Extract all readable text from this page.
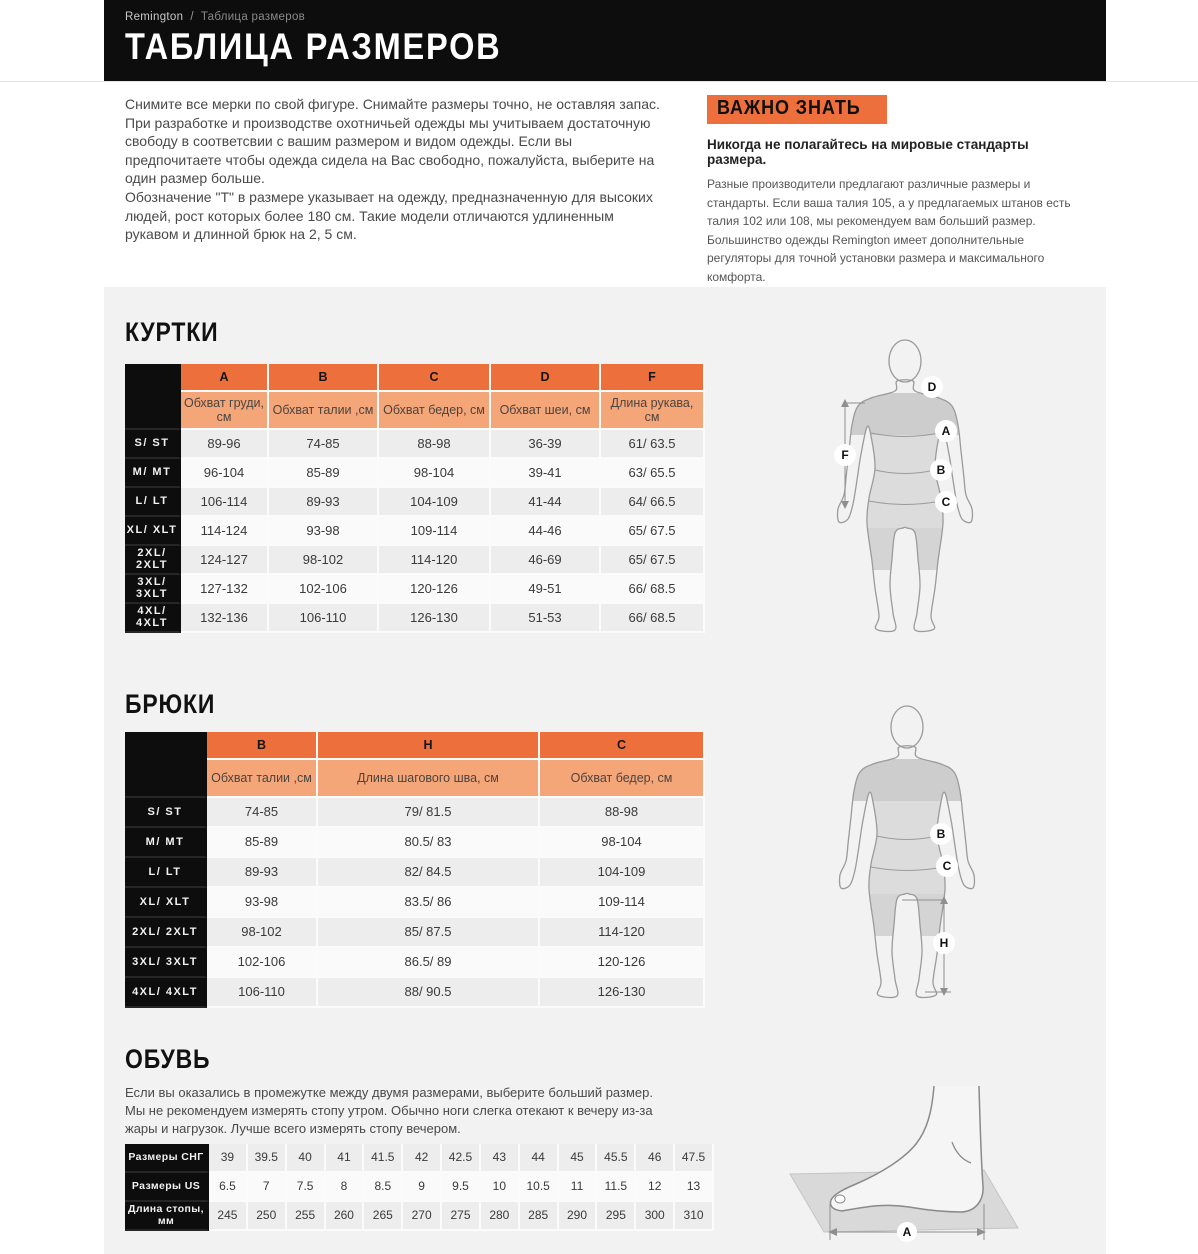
Remington / Таблица размеров
ТАБЛИЦА РАЗМЕРОВ

Снимите все мерки по свой фигуре. Снимайте размеры точно, не оставляя запас. При разработке и производстве охотничьей одежды мы учитываем достаточную свободу в соответсвии с вашим размером и видом одежды. Если вы предпочитаете чтобы одежда сидела на Вас свободно, пожалуйста, выберите на один размер больше.

Обозначение "Т" в размере указывает на одежду, предназначенную для высоких людей, рост которых более 180 см. Такие модели отличаются удлиненным рукавом и длинной брюк на 2, 5 см.

ВАЖНО ЗНАТЬ

Никогда не полагайтесь на мировые стандарты размера.

Разные производители предлагают различные размеры и стандарты. Если ваша талия 105, а у предлагаемых штанов есть талия 102 или 108, мы рекомендуем вам больший размер. Большинство одежды Remington имеет дополнительные регуляторы для точной установки размера и максимального комфорта.

КУРТКИ
	A	B	C	D	F
	Обхват груди, см	Обхват талии ,см	Обхват бедер, см	Обхват шеи, см	Длина рукава, см
S/ ST	89-96	74-85	88-98	36-39	61/ 63.5
M/ MT	96-104	85-89	98-104	39-41	63/ 65.5
L/ LT	106-114	89-93	104-109	41-44	64/ 66.5
XL/ XLT	114-124	93-98	109-114	44-46	65/ 67.5
2XL/ 2XLT	124-127	98-102	114-120	46-69	65/ 67.5
3XL/ 3XLT	127-132	102-106	120-126	49-51	66/ 68.5
4XL/ 4XLT	132-136	106-110	126-130	51-53	66/ 68.5
БРЮКИ
	B	H	C
	Обхват талии ,см	Длина шагового шва, см	Обхват бедер, см
S/ ST	74-85	79/ 81.5	88-98
M/ MT	85-89	80.5/ 83	98-104
L/ LT	89-93	82/ 84.5	104-109
XL/ XLT	93-98	83.5/ 86	109-114
2XL/ 2XLT	98-102	85/ 87.5	114-120
3XL/ 3XLT	102-106	86.5/ 89	120-126
4XL/ 4XLT	106-110	88/ 90.5	126-130
ОБУВЬ

Если вы оказались в промежутке между двумя размерами, выберите больший размер. Мы не рекомендуем измерять стопу утром. Обычно ноги слегка отекают к вечеру из-за жары и нагрузок. Лучше всего измерять стопу вечером.

Размеры СНГ	39	39.5	40	41	41.5	42	42.5	43	44	45	45.5	46	47.5
Размеры US	6.5	7	7.5	8	8.5	9	9.5	10	10.5	11	11.5	12	13
Длина стопы, мм	245	250	255	260	265	270	275	280	285	290	295	300	310
D
A
B
C
F
B
C
H
A
